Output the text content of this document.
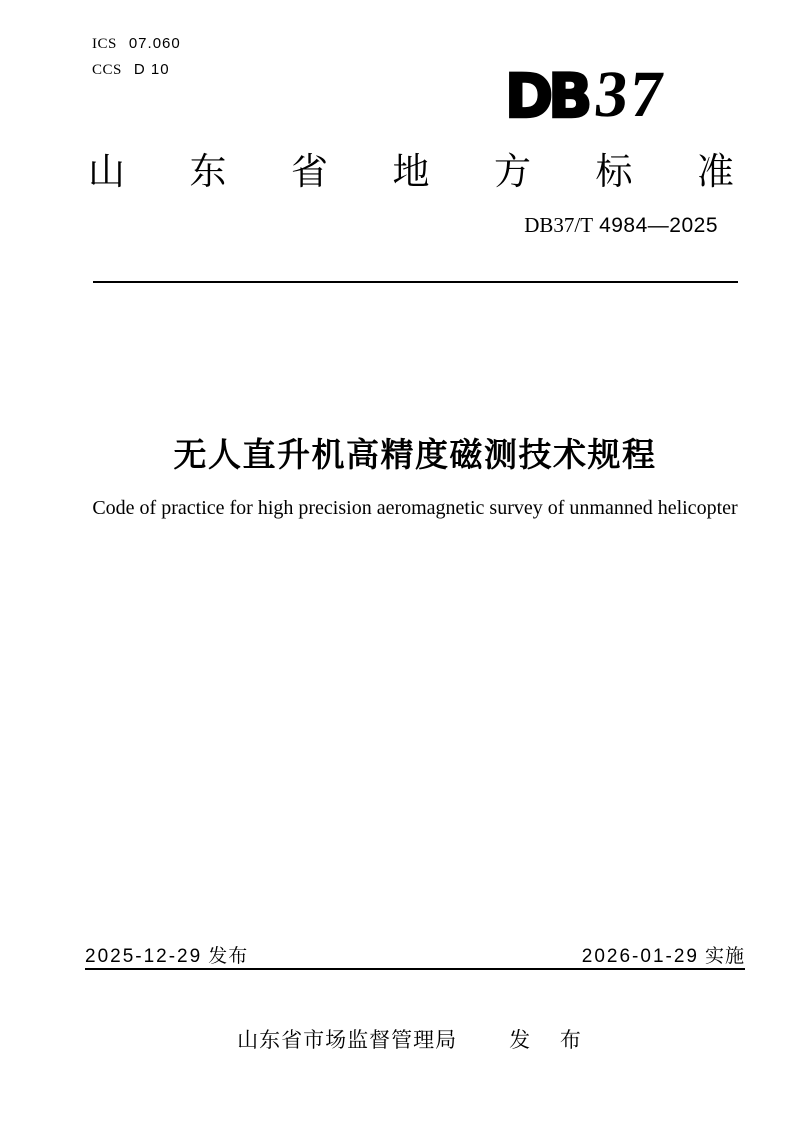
ICS 07.060
CCS D 10	DB 37
山 东 省 地 方 标 准
DB37/T 4984—2025
无人直升机高精度磁测技术规程
Code of practice for high precision aeromagnetic survey of unmanned helicopter
2025-12-29 发布	2026-01-29 实施
山东省市场监督管理局 发 布
